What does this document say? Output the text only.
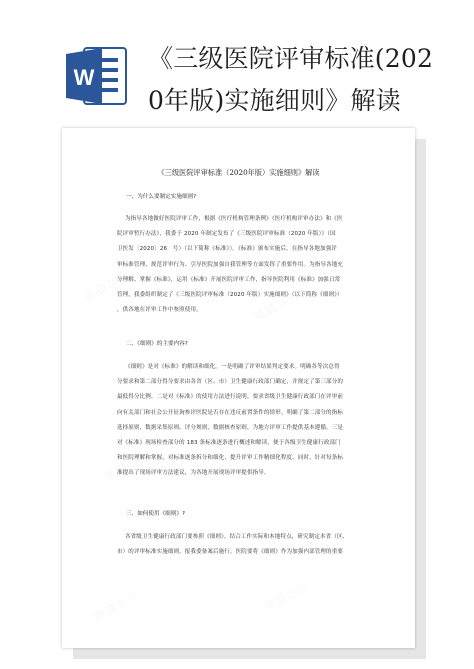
W
《三级医院评审标准(202
0年版)实施细则》解读
《三级医院评审标准（2020年版）实施细则》解读
一、为什么要制定实施细则?
为指导各地做好医院评审工作，根据《医疗机构管理条例》《医疗机构评审办法》和《医
院评审暂行办法》，我委于 2020 年制定发布了《三级医院评审标准（2020 年版）》（国
卫医发〔2020〕26　号）（以下简称《标准》）。《标准》颁布实施后，在指导各地加强评
审标准管理、规范评审行为、引导医院加强自我管理等方面发挥了重要作用。为指导各地充
分理解、掌握《标准》，运用《标准》开展医院评审工作，指导医院利用《标准》加强日常
管理，我委组织制定了《三级医院评审标准（2020 年版）实施细则》（以下简称《细则》）
，供各地在评审工作中参照使用。
二、《细则》的主要内容?
《细则》是对《标准》的解读和细化。一是明确了评审结果判定要求。明确各等次总得
分要求和第二部分得分要求由各省（区、市）卫生健康行政部门确定，并规定了第三部分的
最低得分比例。二是对《标准》的使用方法进行说明。要求省级卫生健康行政部门在评审前
向有关部门和社会公开征询参评医院是否存在违反前置条件的情形。明确了第二部分的指标
选择原则、数据采集原则、评分规则、数据核查原则，为地方评审工作提供基本遵循。三是
对《标准》现场检查部分的 183 条标准逐条进行概述和解读，便于各级卫生健康行政部门
和医院理解和掌握，对标准逐条拆分和细化，提升评审工作精细化程度。同时，针对每条标
准提出了现场评审方法建议，为各地开展现场评审提供指导。
三、如何使用《细则》?
各省级卫生健康行政部门要参照《细则》，结合工作实际和本地特点，研究制定本省（区、
市）的评审标准实施细则，报我委备案后施行。医院要将《细则》作为加强内部管理的重要
